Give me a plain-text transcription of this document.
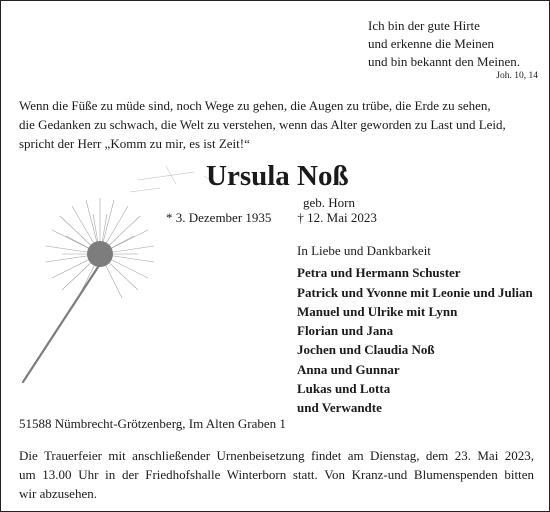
Ich bin der gute Hirte
und erkenne die Meinen
und bin bekannt den Meinen.
Joh. 10, 14
Wenn die Füße zu müde sind, noch Wege zu gehen, die Augen zu trübe, die Erde zu sehen,
die Gedanken zu schwach, die Welt zu verstehen, wenn das Alter geworden zu Last und Leid,
spricht der Herr „Komm zu mir, es ist Zeit!“
Ursula Noß
geb. Horn
* 3. Dezember 1935 † 12. Mai 2023
In Liebe und Dankbarkeit
Petra und Hermann Schuster
Patrick und Yvonne mit Leonie und Julian
Manuel und Ulrike mit Lynn
Florian und Jana
Jochen und Claudia Noß
Anna und Gunnar
Lukas und Lotta
und Verwandte
51588 Nümbrecht-Grötzenberg, Im Alten Graben 1
Die Trauerfeier mit anschließender Urnenbeisetzung findet am Dienstag, dem 23. Mai 2023,
um 13.00 Uhr in der Friedhofshalle Winterborn statt. Von Kranz-und Blumenspenden bitten
wir abzusehen.
